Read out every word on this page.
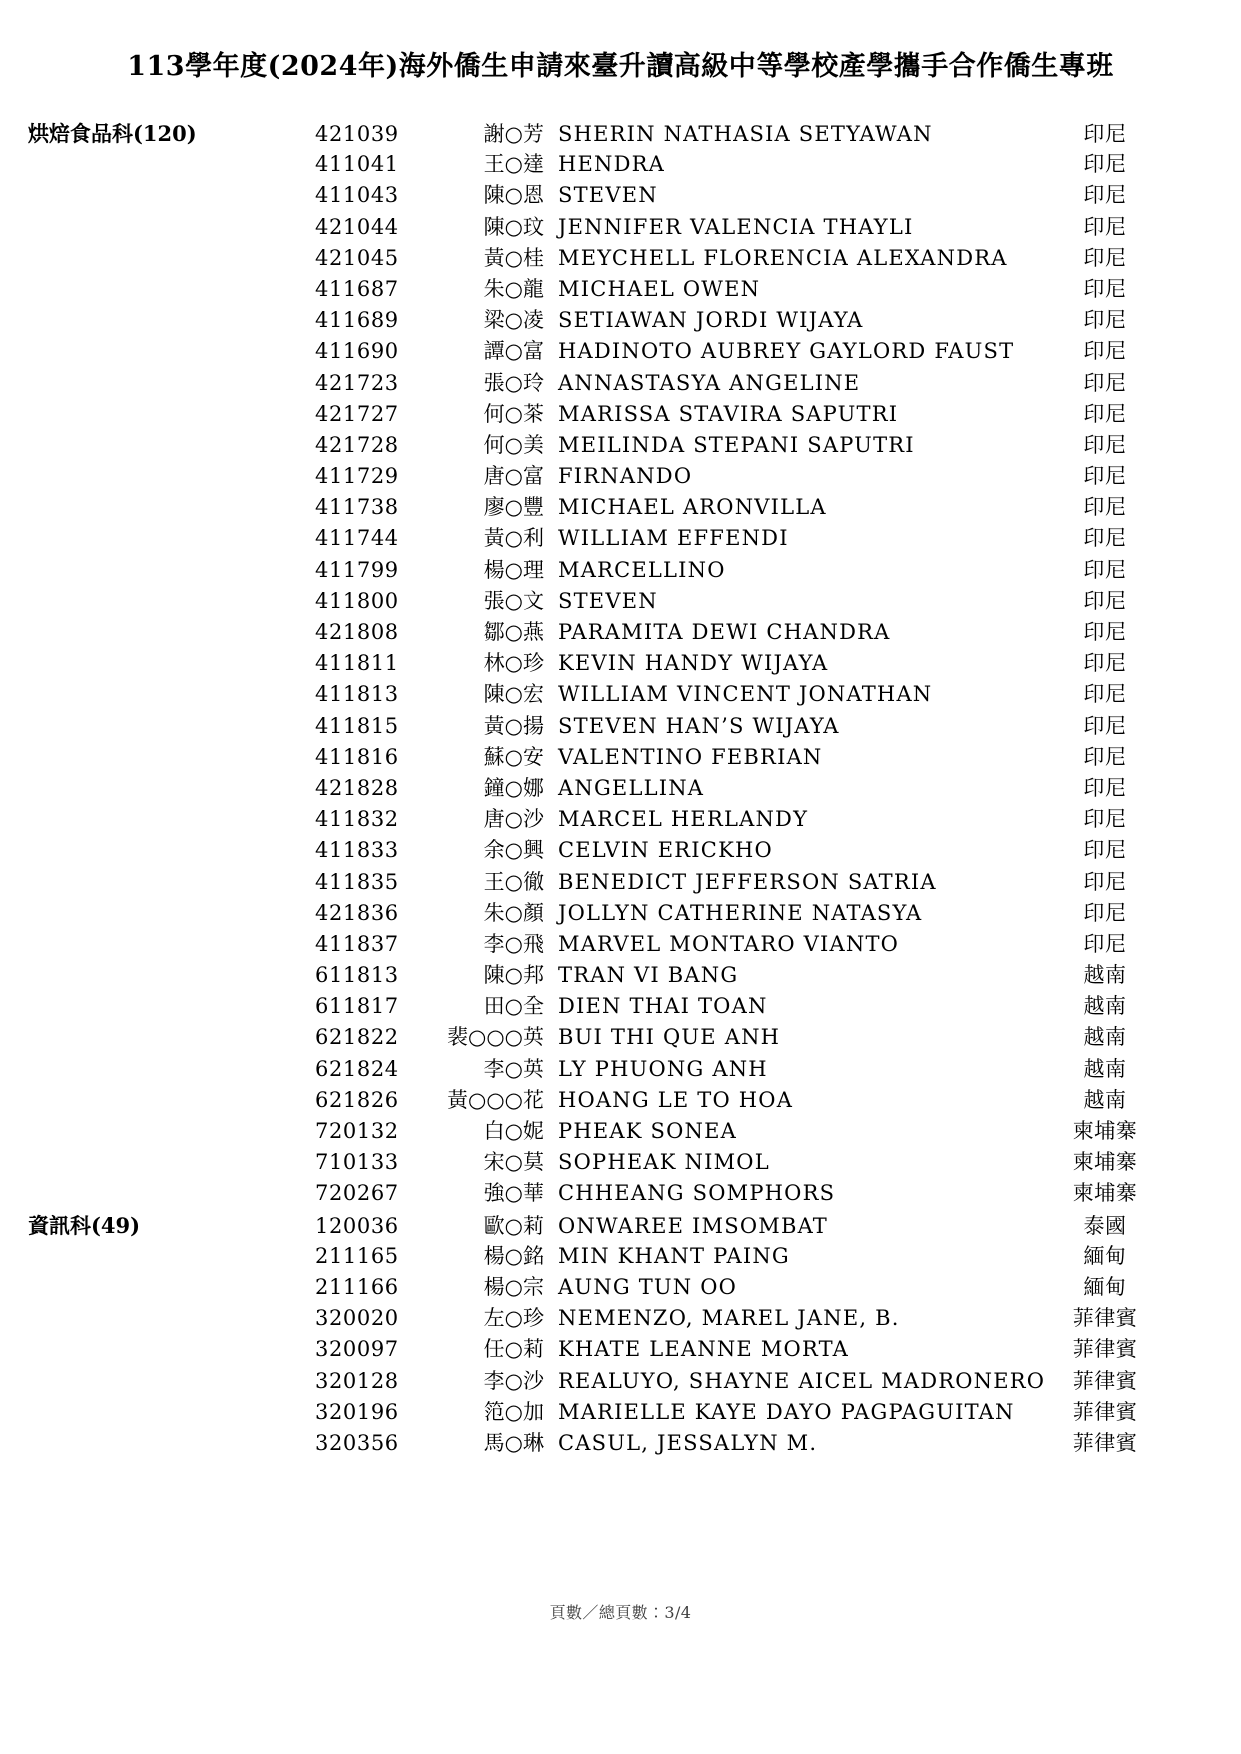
113學年度(2024年)海外僑生申請來臺升讀高級中等學校產學攜手合作僑生專班
烘焙食品科(120)	421039	謝○芳 SHERIN NATHASIA SETYAWAN	印尼
411041	王○達 HENDRA	印尼
411043	陳○恩 STEVEN	印尼
421044	陳○玟 JENNIFER VALENCIA THAYLI	印尼
421045	黃○桂 MEYCHELL FLORENCIA ALEXANDRA	印尼
411687	朱○龍 MICHAEL OWEN	印尼
411689	梁○凌 SETIAWAN JORDI WIJAYA	印尼
411690	譚○富 HADINOTO AUBREY GAYLORD FAUST	印尼
421723	張○玲 ANNASTASYA ANGELINE	印尼
421727	何○茶 MARISSA STAVIRA SAPUTRI	印尼
421728	何○美 MEILINDA STEPANI SAPUTRI	印尼
411729	唐○富 FIRNANDO	印尼
411738	廖○豐 MICHAEL ARONVILLA	印尼
411744	黃○利 WILLIAM EFFENDI	印尼
411799	楊○理 MARCELLINO	印尼
411800	張○文 STEVEN	印尼
421808	鄒○燕 PARAMITA DEWI CHANDRA	印尼
411811	林○珍 KEVIN HANDY WIJAYA	印尼
411813	陳○宏 WILLIAM VINCENT JONATHAN	印尼
411815	黃○揚 STEVEN HAN’S WIJAYA	印尼
411816	蘇○安 VALENTINO FEBRIAN	印尼
421828	鐘○娜 ANGELLINA	印尼
411832	唐○沙 MARCEL HERLANDY	印尼
411833	余○興 CELVIN ERICKHO	印尼
411835	王○徹 BENEDICT JEFFERSON SATRIA	印尼
421836	朱○顏 JOLLYN CATHERINE NATASYA	印尼
411837	李○飛 MARVEL MONTARO VIANTO	印尼
611813	陳○邦 TRAN VI BANG	越南
611817	田○全 DIEN THAI TOAN	越南
621822	裴○○○英 BUI THI QUE ANH	越南
621824	李○英 LY PHUONG ANH	越南
621826	黃○○○花 HOANG LE TO HOA	越南
720132	白○妮 PHEAK SONEA	柬埔寨
710133	宋○莫 SOPHEAK NIMOL	柬埔寨
720267	強○華 CHHEANG SOMPHORS	柬埔寨
資訊科(49)	120036	歐○莉 ONWAREE IMSOMBAT	泰國
211165	楊○銘 MIN KHANT PAING	緬甸
211166	楊○宗 AUNG TUN OO	緬甸
320020	左○珍 NEMENZO, MAREL JANE, B.	菲律賓
320097	任○莉 KHATE LEANNE MORTA	菲律賓
320128	李○沙 REALUYO, SHAYNE AICEL MADRONERO	菲律賓
320196	笵○加 MARIELLE KAYE DAYO PAGPAGUITAN	菲律賓
320356	馬○琳 CASUL, JESSALYN M.	菲律賓
頁數／總頁數：3/4
